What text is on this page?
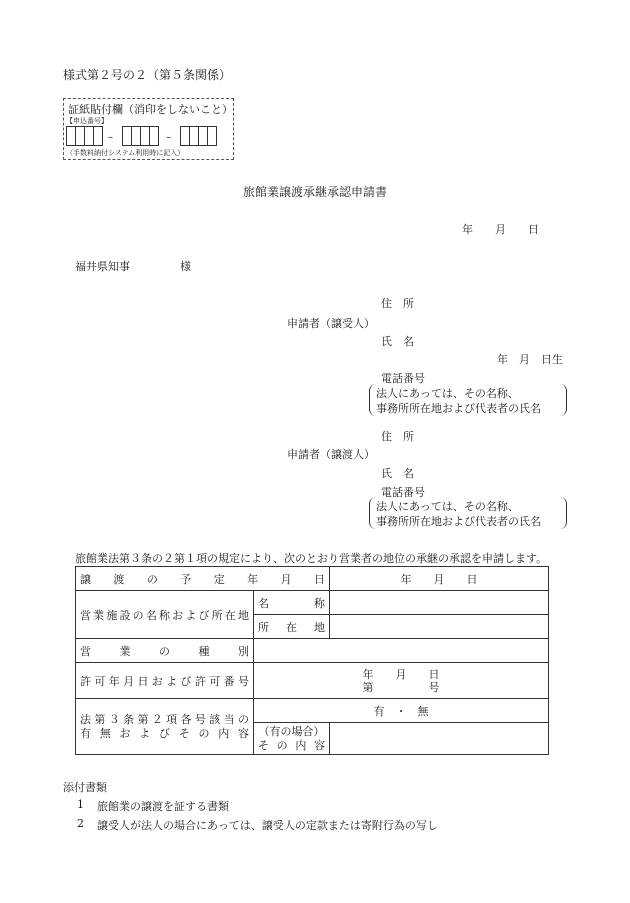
様式第２号の２（第５条関係）
証紙貼付欄（消印をしないこと）
【申込番号】
–	–
（手数料納付システム利用時に記入）
旅館業譲渡承継承認申請書
年　　月　　日
福井県知事	様
住　所
申請者（譲受人）
氏　名
年　月　日生
電話番号
法人にあっては、その名称、
事務所所在地および代表者の氏名
住　所
申請者（譲渡人）
氏　名
電話番号
法人にあっては、その名称、
事務所所在地および代表者の氏名
旅館業法第３条の２第１項の規定により、次のとおり営業者の地位の承継の承認を申請します。
譲渡の予定年月日		年　　月　　日

営業施設の名称および所在地	名称	

	所在地	

営業の種別		

許可年月日および許可番号	年　　月　　日
第　　　　　号	

法第３条第２項各号該当の
有無およびその内容	有　・　無	

	（有の場合）
その内容	

添付書類
1 旅館業の譲渡を証する書類
2 譲受人が法人の場合にあっては、譲受人の定款または寄附行為の写し
